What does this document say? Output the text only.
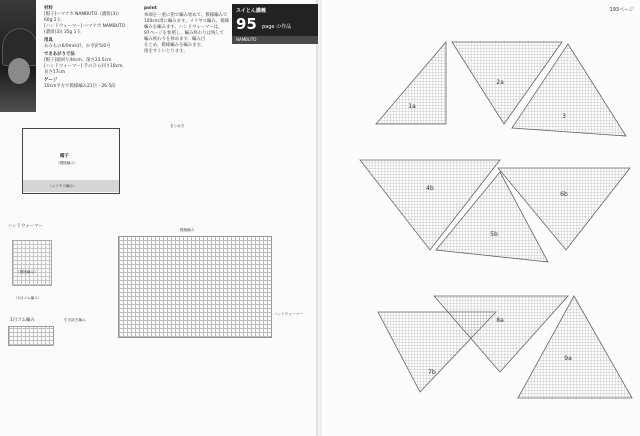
材料
[帽子]ハマナカ NAMBUTO（濃紺(3)）
60g 2玉
[ハンドウォーマー] ハマナカ NAMBUTO
(濃紺(3)) 35g 1玉
用具
あみもの6/0mm針、かぎ針5/0号
できあがり寸法
[帽子]頭回り44cm、深さ23.5cm
[ハンドウォーマー] 手のひら回り18cm、
長さ17cm
ゲージ
10cm平方で模様編み21目・26.5段
point
糸端を一重に指で編み始めて、模様編みで
100cm周に編みます。メリヤス編み、模様
編みを編みます。ハンドウォーマーは、
97ページを参照し、編み終わりは残して
編み終わりを休めます。編み目
をとめ、模様編みを編みます。
指をすくいとります。
帽子
（模様編み）
（メリヤス編み）
まとめ方
ハンドウォーマー
（模様編み）
（1目ゴム編み）
1目ゴム編み	引き抜き編み
模様編み
ハンドウォーマー
193ページ
スイとん講義
95 page の作品
NAMBUTO
1a
2a
3
4b
5b
6b
7b
8a
9a
